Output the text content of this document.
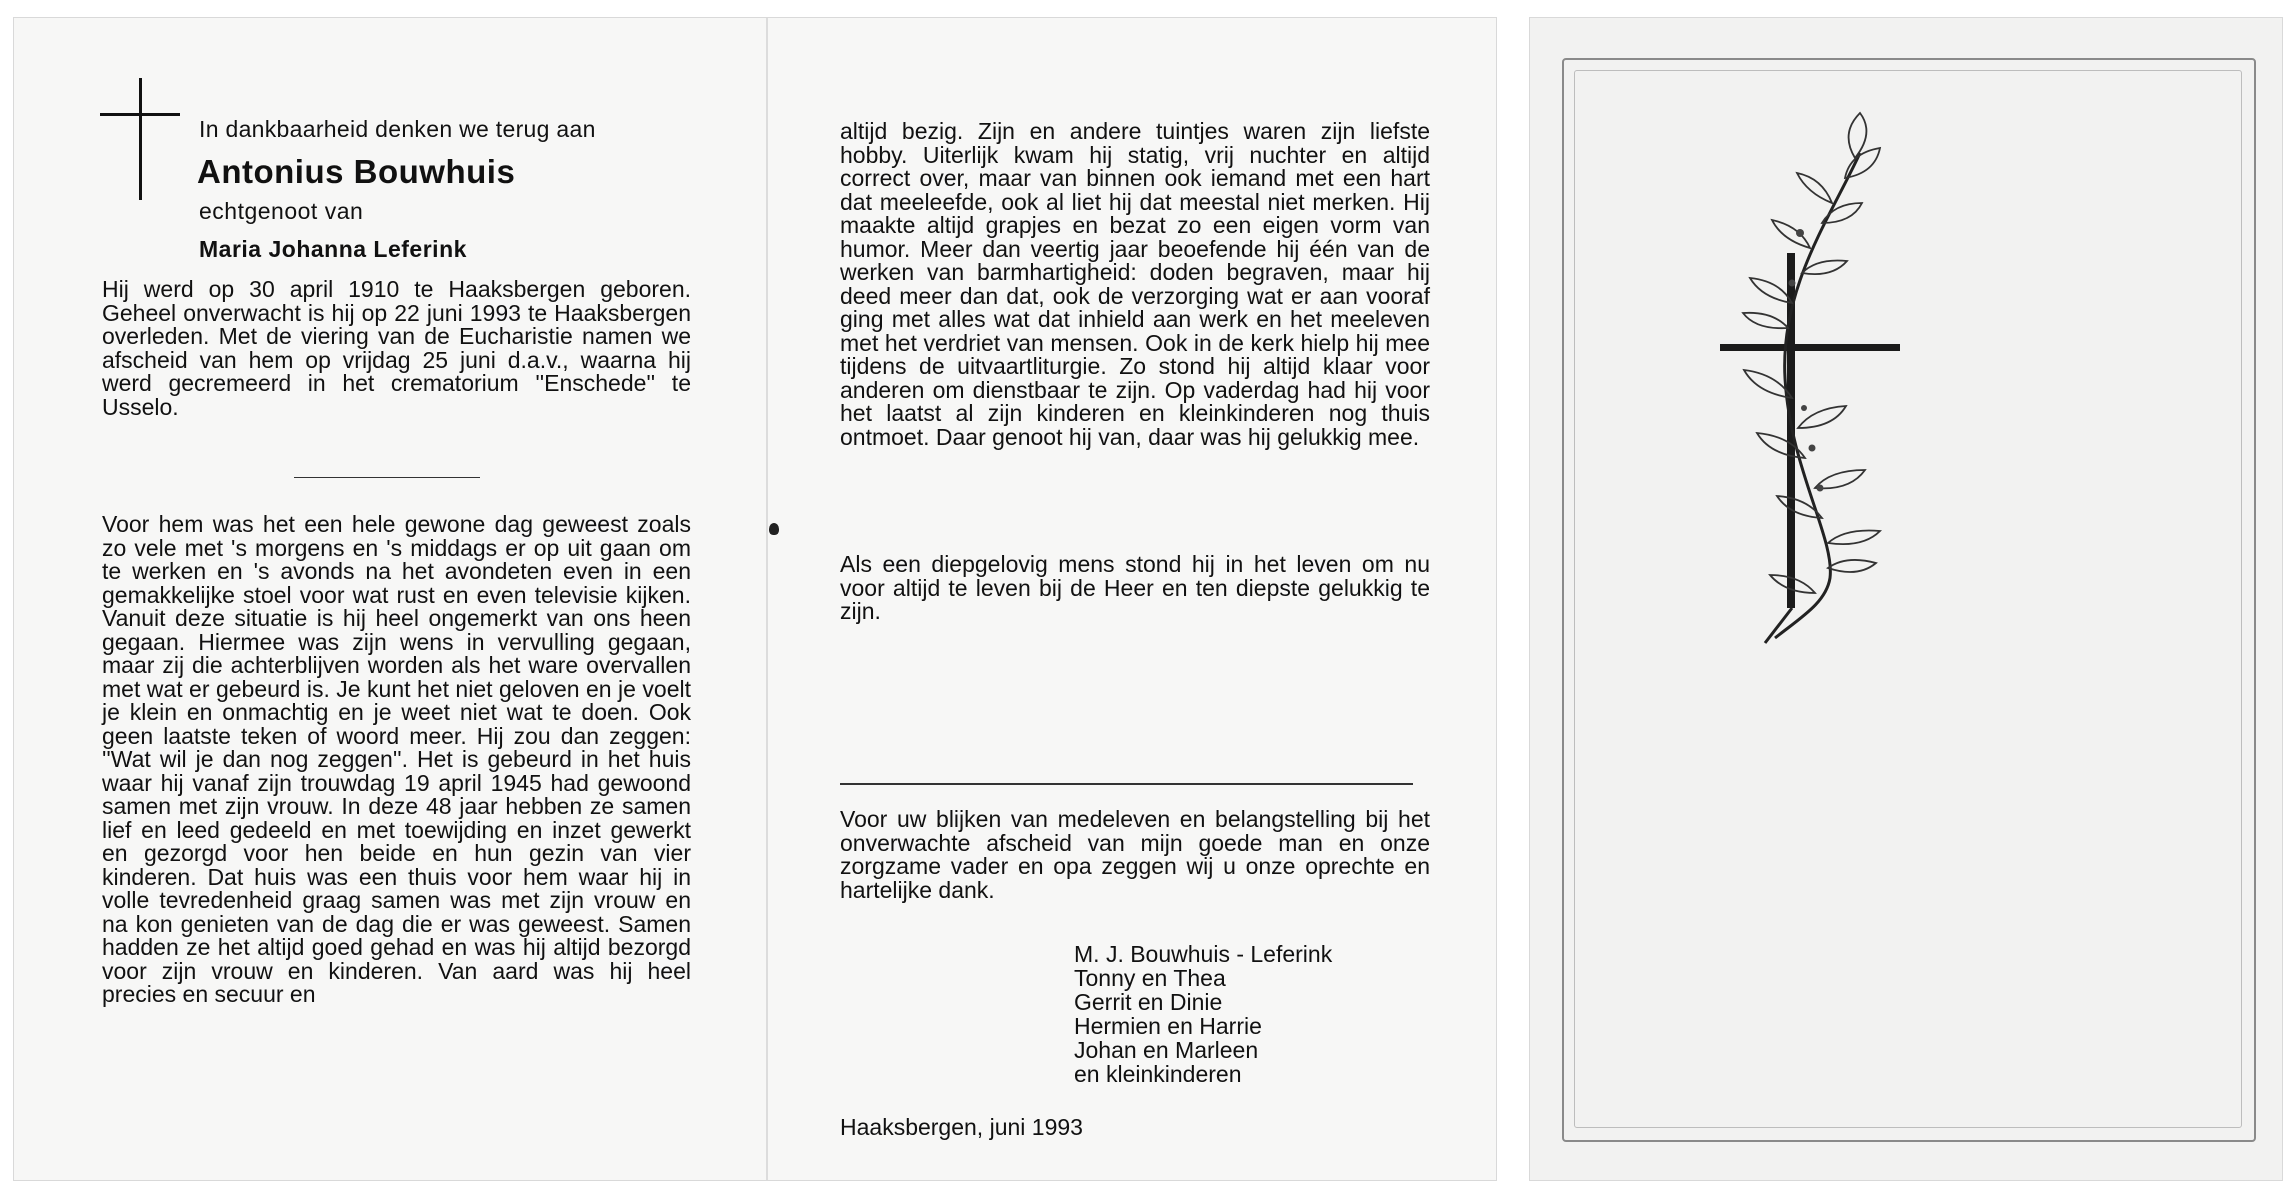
In dankbaarheid denken we terug aan
Antonius Bouwhuis
echtgenoot van
Maria Johanna Leferink

Hij werd op 30 april 1910 te Haaksbergen geboren. Geheel onverwacht is hij op 22 juni 1993 te Haaksbergen overleden. Met de viering van de Eucharistie namen we afscheid van hem op vrijdag 25 juni d.a.v., waarna hij werd gecremeerd in het crematorium ''Enschede'' te Usselo.

Voor hem was het een hele gewone dag geweest zoals zo vele met 's morgens en 's middags er op uit gaan om te werken en 's avonds na het avondeten even in een gemakkelijke stoel voor wat rust en even televisie kijken. Vanuit deze situatie is hij heel ongemerkt van ons heen gegaan. Hiermee was zijn wens in vervulling gegaan, maar zij die achterblijven worden als het ware overvallen met wat er gebeurd is. Je kunt het niet geloven en je voelt je klein en onmachtig en je weet niet wat te doen. Ook geen laatste teken of woord meer. Hij zou dan zeggen: ''Wat wil je dan nog zeggen''. Het is gebeurd in het huis waar hij vanaf zijn trouwdag 19 april 1945 had gewoond samen met zijn vrouw. In deze 48 jaar hebben ze samen lief en leed gedeeld en met toewijding en inzet gewerkt en gezorgd voor hen beide en hun gezin van vier kinderen. Dat huis was een thuis voor hem waar hij in volle tevredenheid graag samen was met zijn vrouw en na kon genieten van de dag die er was geweest. Samen hadden ze het altijd goed gehad en was hij altijd bezorgd voor zijn vrouw en kinderen. Van aard was hij heel precies en secuur en

altijd bezig. Zijn en andere tuintjes waren zijn liefste hobby. Uiterlijk kwam hij statig, vrij nuchter en altijd correct over, maar van binnen ook iemand met een hart dat meeleefde, ook al liet hij dat meestal niet merken. Hij maakte altijd grapjes en bezat zo een eigen vorm van humor. Meer dan veertig jaar beoefende hij één van de werken van barmhartigheid: doden begraven, maar hij deed meer dan dat, ook de verzorging wat er aan vooraf ging met alles wat dat inhield aan werk en het meeleven met het verdriet van mensen. Ook in de kerk hielp hij mee tijdens de uitvaartliturgie. Zo stond hij altijd klaar voor anderen om dienstbaar te zijn. Op vaderdag had hij voor het laatst al zijn kinderen en kleinkinderen nog thuis ontmoet. Daar genoot hij van, daar was hij gelukkig mee.

Als een diepgelovig mens stond hij in het leven om nu voor altijd te leven bij de Heer en ten diepste gelukkig te zijn.

Voor uw blijken van medeleven en belangstelling bij het onverwachte afscheid van mijn goede man en onze zorgzame vader en opa zeggen wij u onze oprechte en hartelijke dank.

M. J. Bouwhuis - Leferink
Tonny en Thea
Gerrit en Dinie
Hermien en Harrie
Johan en Marleen
en kleinkinderen
Haaksbergen, juni 1993
